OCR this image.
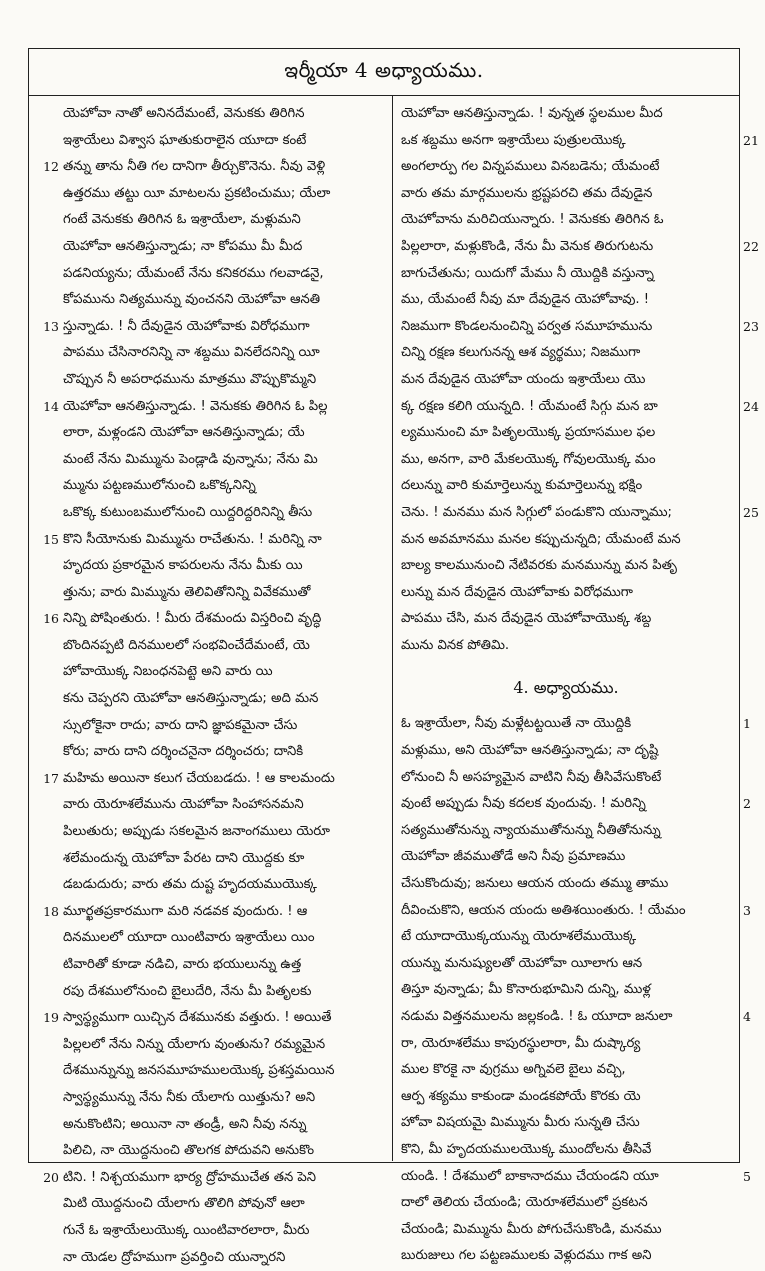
ఇర్మీయా 4 అధ్యాయము.
యెహోవా నాతో అనినదేమంటే, వెనుకకు తిరిగిన
ఇశ్రాయేలు విశ్వాస ఘాతుకురాలైన యూదా కంటే
12 తన్ను తాను నీతి గల దానిగా తీర్చుకొనెను. నీవు వెళ్లి
ఉత్తరము తట్టు యీ మాటలను ప్రకటించుము; యేలా
గంటే వెనుకకు తిరిగిన ఓ ఇశ్రాయేలా, మళ్లుమని
యెహోవా ఆనతిస్తున్నాడు; నా కోపము మీ మీద
పడనియ్యను; యేమంటే నేను కనికరము గలవాడనై,
కోపమును నిత్యమున్ను వుంచనని యెహోవా ఆనతి
13 స్తున్నాడు. ! నీ దేవుడైన యెహోవాకు విరోధముగా
పాపము చేసినారనిన్ని నా శబ్దము వినలేదనిన్ని యీ
చొప్పున నీ అపరాధమును మాత్రము వొప్పుకొమ్మని
14 యెహోవా ఆనతిస్తున్నాడు. ! వెనుకకు తిరిగిన ఓ పిల్ల
లారా, మళ్లండని యెహోవా ఆనతిస్తున్నాడు; యే
మంటే నేను మిమ్మును పెండ్లాడి వున్నాను; నేను మి
మ్మును పట్టణములోనుంచి ఒకొక్కనిన్ని
ఒకొక్క కుటుంబములోనుంచి యిద్దరిద్దరినిన్ని తీసు
15 కొని సీయోనుకు మిమ్మును రాచేతును. ! మరిన్ని నా
హృదయ ప్రకారమైన కాపరులను నేను మీకు యి
త్తును; వారు మిమ్మును తెలివితోనిన్ని వివేకముతో
16 నిన్ని పోషింతురు. ! మీరు దేశమందు విస్తరించి వృద్ధి
బొందినప్పటి దినములలో సంభవించేదేమంటే, యె
హోవాయొక్క నిబంధనపెట్టె అని వారు యి
కను చెప్పరని యెహోవా ఆనతిస్తున్నాడు; అది మన
స్సులోకైనా రాదు; వారు దాని జ్ఞాపకమైనా చేసు
కోరు; వారు దాని దర్శించనైనా దర్శించరు; దానికి
17 మహిమ అయినా కలుగ చేయబడదు. ! ఆ కాలమందు
వారు యెరూశలేమును యెహోవా సింహాసనమని
పిలుతురు; అప్పుడు సకలమైన జనాంగములు యెరూ
శలేమందున్న యెహోవా పేరట దాని యొద్దకు కూ
డబడుదురు; వారు తమ దుష్ట హృదయముయొక్క
18 మూర్ఖతప్రకారముగా మరి నడవక వుందురు. ! ఆ
దినములలో యూదా యింటివారు ఇశ్రాయేలు యిం
టివారితో కూడా నడిచి, వారు భయులున్ను ఉత్త
రపు దేశములోనుంచి బైలుదేరి, నేను మీ పితృలకు
19 స్వాస్థ్యముగా యిచ్చిన దేశమునకు వత్తురు. ! అయితే
పిల్లలలో నేను నిన్ను యేలాగు వుంతును? రమ్యమైన
దేశమున్నున్ను జనసమూహములయొక్క ప్రశస్తమయిన
స్వాస్థ్యమున్ను నేను నీకు యేలాగు యిత్తును? అని
అనుకొంటిని; అయినా నా తండ్రీ, అని నీవు నన్ను
పిలిచి, నా యొద్దనుంచి తొలగక పోదువని అనుకొం
20 టిని. ! నిశ్చయముగా భార్య ద్రోహముచేత తన పెని
మిటి యొద్దనుంచి యేలాగు తొలిగి పోవునో ఆలా
గునే ఓ ఇశ్రాయేలుయొక్క యింటివారలారా, మీరు
నా యెడల ద్రోహముగా ప్రవర్తించి యున్నారని
యెహోవా ఆనతిస్తున్నాడు. ! వున్నత స్థలముల మీద
21
ఒక శబ్దము అనగా ఇశ్రాయేలు పుత్రులయొక్క
అంగలార్పు గల విన్నపములు వినబడెను; యేమంటే
వారు తమ మార్గములను భ్రష్టపరచి తమ దేవుడైన
యెహోవాను మరిచియున్నారు. ! వెనుకకు తిరిగిన ఓ
22
పిల్లలారా, మళ్లుకొండి, నేను మీ వెనుక తిరుగుటను
బాగుచేతును; యిదుగో మేము నీ యొద్దికి వస్తున్నా
ము, యేమంటే నీవు మా దేవుడైన యెహోవావు. !
23
నిజముగా కొండలనుంచిన్ని పర్వత సమూహమును
చిన్ని రక్షణ కలుగునన్న ఆశ వ్యర్థము; నిజముగా
మన దేవుడైన యెహోవా యందు ఇశ్రాయేలు యొ
24
క్క రక్షణ కలిగి యున్నది. ! యేమంటే సిగ్గు మన బా
ల్యమునుంచి మా పితృలయొక్క ప్రయాసముల ఫల
ము, అనగా, వారి మేకలయొక్క గోవులయొక్క మం
దలున్ను వారి కుమార్తెలున్ను కుమార్తెలున్ను భక్షిం
25
చెను. ! మనము మన సిగ్గులో పండుకొని యున్నాము;
మన అవమానము మనల కప్పుచున్నది; యేమంటే మన
బాల్య కాలమునుంచి నేటివరకు మనమున్ను మన పితృ
లున్ను మన దేవుడైన యెహోవాకు విరోధముగా
పాపము చేసి, మన దేవుడైన యెహోవాయొక్క శబ్ద
మును వినక పోతిమి.
4. అధ్యాయము.
1
ఓ ఇశ్రాయేలా, నీవు మళ్లేటట్టయితే నా యొద్దికి
మళ్లుము, అని యెహోవా ఆనతిస్తున్నాడు; నా దృష్టి
లోనుంచి నీ అసహ్యమైన వాటిని నీవు తీసివేసుకొంటే
2
వుంటే అప్పుడు నీవు కదలక వుందువు. ! మరిన్ని
సత్యముతోనున్ను న్యాయముతోనున్ను నీతితోనున్ను
యెహోవా జీవముతోడే అని నీవు ప్రమాణము
చేసుకొందువు; జనులు ఆయన యందు తమ్ము తాము
3
దీవించుకొని, ఆయన యందు అతిశయింతురు. ! యేమం
టే యూదాయొక్కయున్ను యెరూశలేముయొక్క
యున్ను మనుష్యులతో యెహోవా యీలాగు ఆన
తిస్తూ వున్నాడు; మీ కొనారుభూమిని దున్ని, ముళ్ల
4
నడుమ విత్తనములను జల్లకండి. ! ఓ యూదా జనులా
రా, యెరూశలేము కాపురస్థులారా, మీ దుష్కార్య
ముల కొరకై నా వుగ్రము అగ్నివలె బైలు వచ్చి,
ఆర్ప శక్యము కాకుండా మండకపోయే కొరకు యె
హోవా విషయమై మిమ్మును మీరు సున్నతి చేసు
కొని, మీ హృదయములయొక్క ముందోలను తీసివే
5
యండి. ! దేశములో బాకానాదము చేయండని యూ
దాలో తెలియ చేయండి; యెరూశలేములో ప్రకటన
చేయండి; మిమ్మును మీరు పోగుచేసుకొండి, మనము
బురుజులు గల పట్టణములకు వెళ్లుదము గాక అని
